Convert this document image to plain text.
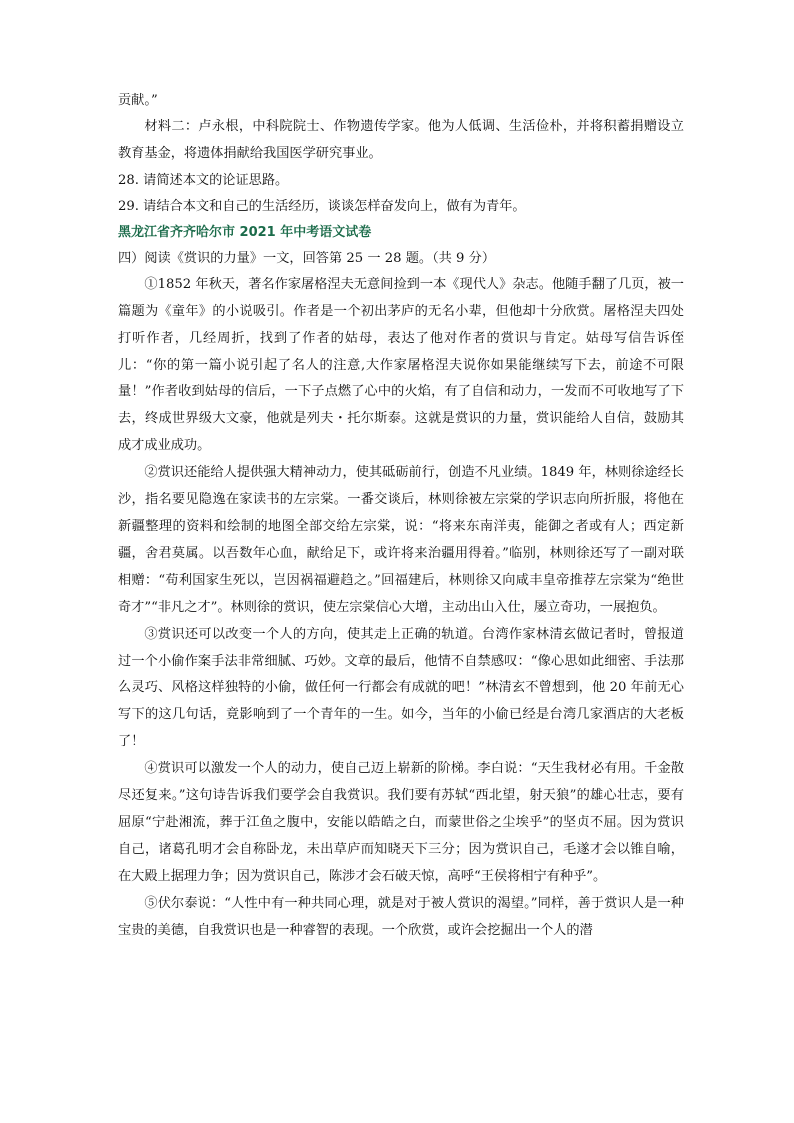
贡献。”

材料二：卢永根，中科院院士、作物遗传学家。他为人低调、生活俭朴，并将积蓄捐赠设立教育基金，将遗体捐献给我国医学研究事业。

28. 请简述本文的论证思路。

29. 请结合本文和自己的生活经历，谈谈怎样奋发向上，做有为青年。

黑龙江省齐齐哈尔市 2021 年中考语文试卷

四）阅读《赏识的力量》一文，回答第 25 一 28 题。（共 9 分）

①1852 年秋天，著名作家屠格涅夫无意间捡到一本《现代人》杂志。他随手翻了几页，被一篇题为《童年》的小说吸引。作者是一个初出茅庐的无名小辈，但他却十分欣赏。屠格涅夫四处打听作者，几经周折，找到了作者的姑母，表达了他对作者的赏识与肯定。姑母写信告诉侄儿：“你的第一篇小说引起了名人的注意,大作家屠格涅夫说你如果能继续写下去，前途不可限量！”作者收到姑母的信后，一下子点燃了心中的火焰，有了自信和动力，一发而不可收地写了下去，终成世界级大文豪，他就是列夫・托尔斯泰。这就是赏识的力量，赏识能给人自信，鼓励其成才成业成功。

②赏识还能给人提供强大精神动力，使其砥砺前行，创造不凡业绩。1849 年，林则徐途经长沙，指名要见隐逸在家读书的左宗棠。一番交谈后，林则徐被左宗棠的学识志向所折服，将他在新疆整理的资料和绘制的地图全部交给左宗棠，说：“将来东南洋夷，能御之者或有人；西定新疆，舍君莫属。以吾数年心血，献给足下，或许将来治疆用得着。”临别，林则徐还写了一副对联相赠：“苟利国家生死以，岂因祸福避趋之。”回福建后，林则徐又向咸丰皇帝推荐左宗棠为“绝世奇才”“非凡之才”。林则徐的赏识，使左宗棠信心大增，主动出山入仕，屡立奇功，一展抱负。

③赏识还可以改变一个人的方向，使其走上正确的轨道。台湾作家林清玄做记者时，曾报道过一个小偷作案手法非常细腻、巧妙。文章的最后，他情不自禁感叹：“像心思如此细密、手法那么灵巧、风格这样独特的小偷，做任何一行都会有成就的吧！”林清玄不曾想到，他 20 年前无心写下的这几句话，竟影响到了一个青年的一生。如今，当年的小偷已经是台湾几家酒店的大老板了！

④赏识可以激发一个人的动力，使自己迈上崭新的阶梯。李白说：“天生我材必有用。千金散尽还复来。”这句诗告诉我们要学会自我赏识。我们要有苏轼“西北望，射天狼”的雄心壮志，要有屈原“宁赴湘流，葬于江鱼之腹中，安能以皓皓之白，而蒙世俗之尘埃乎”的坚贞不屈。因为赏识自己，诸葛孔明才会自称卧龙，未出草庐而知晓天下三分；因为赏识自己，毛遂才会以锥自喻，在大殿上据理力争；因为赏识自己，陈涉才会石破天惊，高呼“王侯将相宁有种乎”。

⑤伏尔泰说：“人性中有一种共同心理，就是对于被人赏识的渴望。”同样，善于赏识人是一种宝贵的美德，自我赏识也是一种睿智的表现。一个欣赏，或许会挖掘出一个人的潜
